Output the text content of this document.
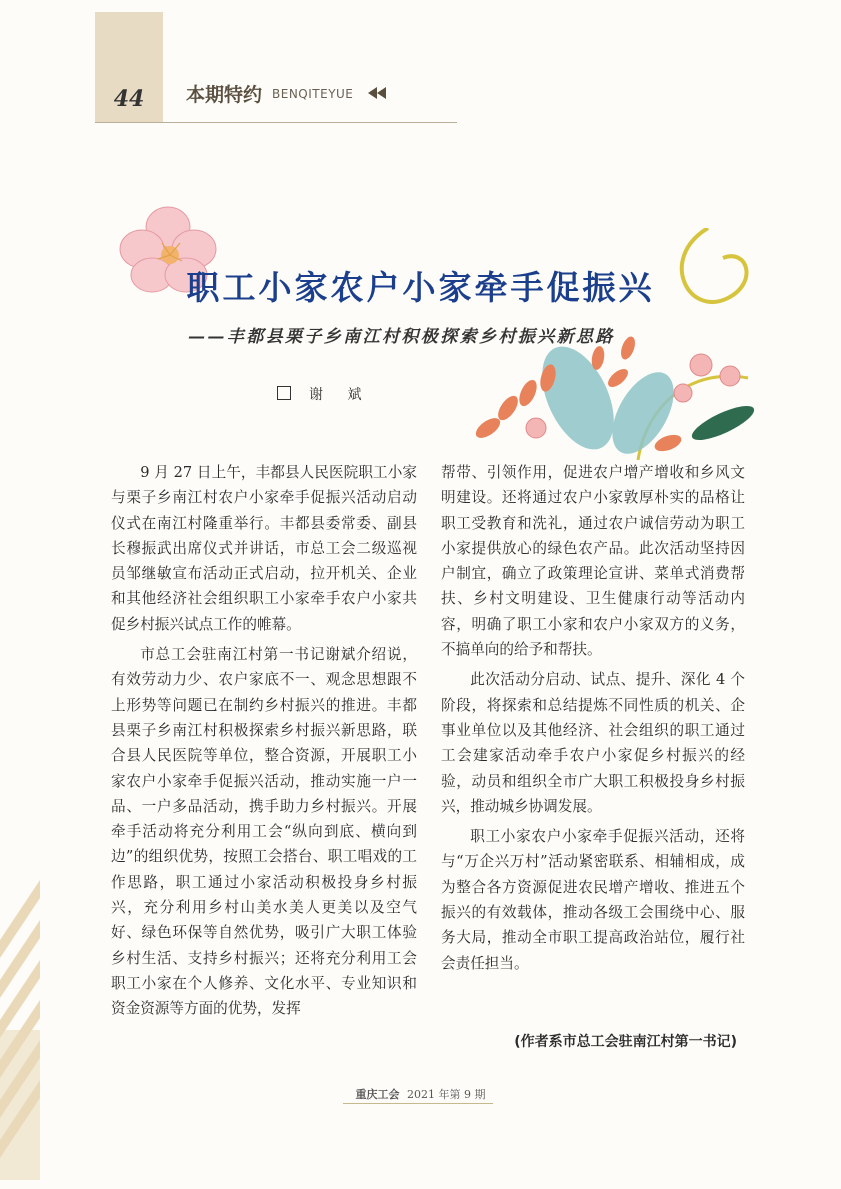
44	本期特约 BENQITEYUE
职工小家农户小家牵手促振兴
——丰都县栗子乡南江村积极探索乡村振兴新思路
谢 斌

9 月 27 日上午，丰都县人民医院职工小家与栗子乡南江村农户小家牵手促振兴活动启动仪式在南江村隆重举行。丰都县委常委、副县长穆振武出席仪式并讲话，市总工会二级巡视员邹继敏宣布活动正式启动，拉开机关、企业和其他经济社会组织职工小家牵手农户小家共促乡村振兴试点工作的帷幕。

市总工会驻南江村第一书记谢斌介绍说，有效劳动力少、农户家底不一、观念思想跟不上形势等问题已在制约乡村振兴的推进。丰都县栗子乡南江村积极探索乡村振兴新思路，联合县人民医院等单位，整合资源，开展职工小家农户小家牵手促振兴活动，推动实施一户一品、一户多品活动，携手助力乡村振兴。开展牵手活动将充分利用工会“纵向到底、横向到边”的组织优势，按照工会搭台、职工唱戏的工作思路，职工通过小家活动积极投身乡村振兴，充分利用乡村山美水美人更美以及空气好、绿色环保等自然优势，吸引广大职工体验乡村生活、支持乡村振兴；还将充分利用工会职工小家在个人修养、文化水平、专业知识和资金资源等方面的优势，发挥

帮带、引领作用，促进农户增产增收和乡风文明建设。还将通过农户小家敦厚朴实的品格让职工受教育和洗礼，通过农户诚信劳动为职工小家提供放心的绿色农产品。此次活动坚持因户制宜，确立了政策理论宣讲、菜单式消费帮扶、乡村文明建设、卫生健康行动等活动内容，明确了职工小家和农户小家双方的义务，不搞单向的给予和帮扶。

此次活动分启动、试点、提升、深化 4 个阶段，将探索和总结提炼不同性质的机关、企事业单位以及其他经济、社会组织的职工通过工会建家活动牵手农户小家促乡村振兴的经验，动员和组织全市广大职工积极投身乡村振兴，推动城乡协调发展。

职工小家农户小家牵手促振兴活动，还将与“万企兴万村”活动紧密联系、相辅相成，成为整合各方资源促进农民增产增收、推进五个振兴的有效载体，推动各级工会围绕中心、服务大局，推动全市职工提高政治站位，履行社会责任担当。

(作者系市总工会驻南江村第一书记)
重庆工会 2021 年第 9 期
